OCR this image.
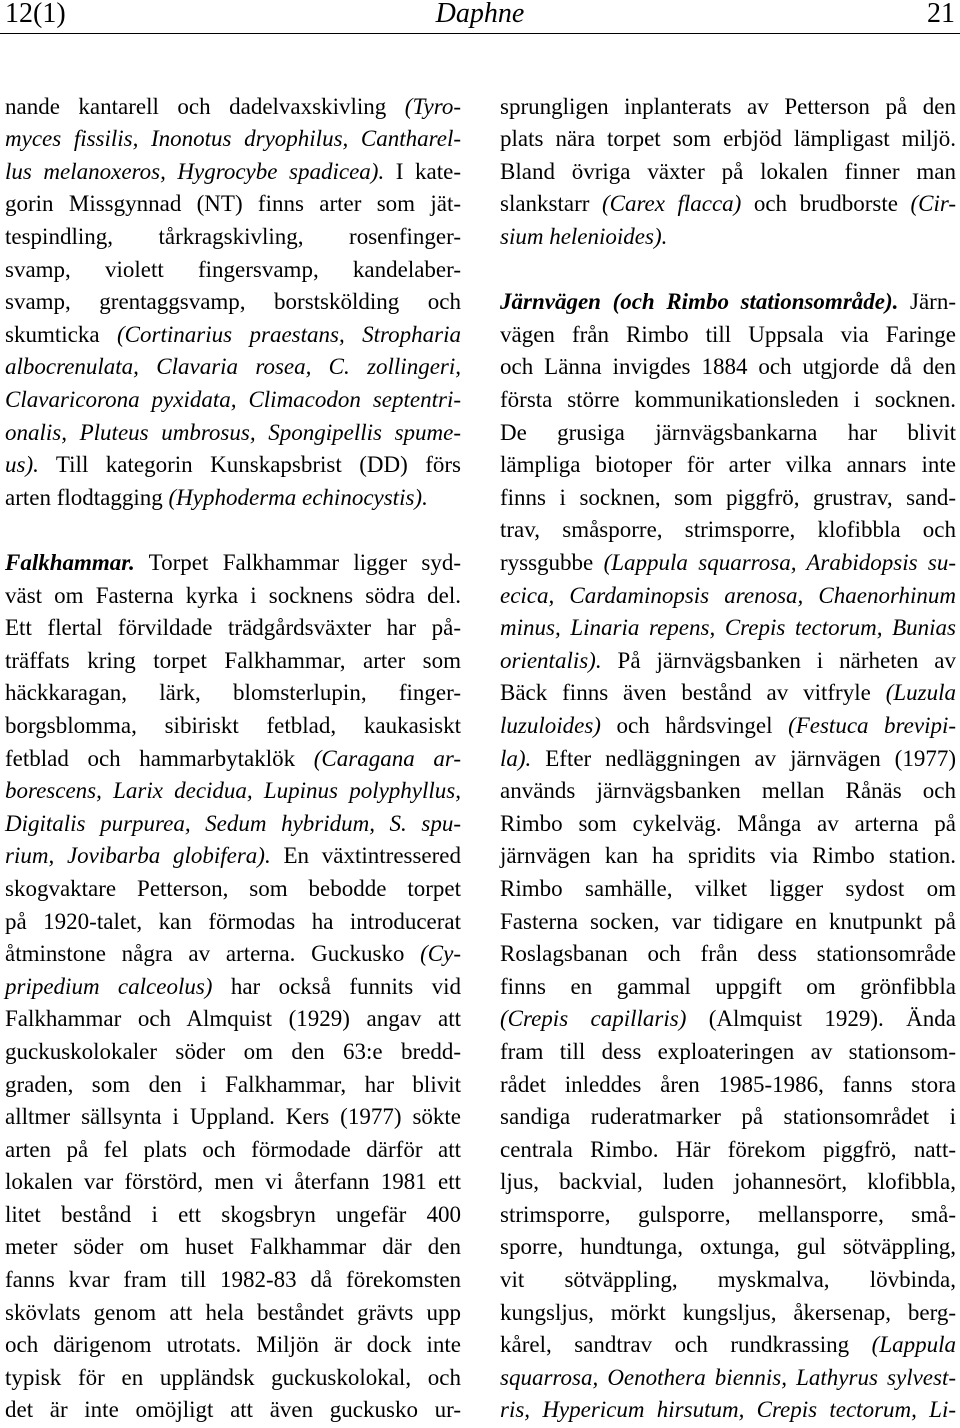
12(1)	Daphne	21
nande kantarell och dadelvaxskivling (Tyro-
myces fissilis, Inonotus dryophilus, Cantharel-
lus melanoxeros, Hygrocybe spadicea). I kate-
gorin Missgynnad (NT) finns arter som jät-
tespindling, tårkragskivling, rosenfinger-
svamp, violett fingersvamp, kandelaber-
svamp, grentaggsvamp, borstskölding och
skumticka (Cortinarius praestans, Stropharia
albocrenulata, Clavaria rosea, C. zollingeri,
Clavaricorona pyxidata, Climacodon septentri-
onalis, Pluteus umbrosus, Spongipellis spume-
us). Till kategorin Kunskapsbrist (DD) förs
arten flodtagging (Hyphoderma echinocystis).
Falkhammar. Torpet Falkhammar ligger syd-
väst om Fasterna kyrka i socknens södra del.
Ett flertal förvildade trädgårdsväxter har på-
träffats kring torpet Falkhammar, arter som
häckkaragan, lärk, blomsterlupin, finger-
borgsblomma, sibiriskt fetblad, kaukasiskt
fetblad och hammarbytaklök (Caragana ar-
borescens, Larix decidua, Lupinus polyphyllus,
Digitalis purpurea, Sedum hybridum, S. spu-
rium, Jovibarba globifera). En växtintressered
skogvaktare Petterson, som bebodde torpet
på 1920-talet, kan förmodas ha introducerat
åtminstone några av arterna. Guckusko (Cy-
pripedium calceolus) har också funnits vid
Falkhammar och Almquist (1929) angav att
guckuskolokaler söder om den 63:e bredd-
graden, som den i Falkhammar, har blivit
alltmer sällsynta i Uppland. Kers (1977) sökte
arten på fel plats och förmodade därför att
lokalen var förstörd, men vi återfann 1981 ett
litet bestånd i ett skogsbryn ungefär 400
meter söder om huset Falkhammar där den
fanns kvar fram till 1982-83 då förekomsten
skövlats genom att hela beståndet grävts upp
och därigenom utrotats. Miljön är dock inte
typisk för en uppländsk guckuskolokal, och
det är inte omöjligt att även guckusko ur-
sprungligen inplanterats av Petterson på den
plats nära torpet som erbjöd lämpligast miljö.
Bland övriga växter på lokalen finner man
slankstarr (Carex flacca) och brudborste (Cir-
sium helenioides).
Järnvägen (och Rimbo stationsområde). Järn-
vägen från Rimbo till Uppsala via Faringe
och Länna invigdes 1884 och utgjorde då den
första större kommunikationsleden i socknen.
De grusiga järnvägsbankarna har blivit
lämpliga biotoper för arter vilka annars inte
finns i socknen, som piggfrö, grustrav, sand-
trav, småsporre, strimsporre, klofibbla och
ryssgubbe (Lappula squarrosa, Arabidopsis su-
ecica, Cardaminopsis arenosa, Chaenorhinum
minus, Linaria repens, Crepis tectorum, Bunias
orientalis). På järnvägsbanken i närheten av
Bäck finns även bestånd av vitfryle (Luzula
luzuloides) och hårdsvingel (Festuca brevipi-
la). Efter nedläggningen av järnvägen (1977)
används järnvägsbanken mellan Rånäs och
Rimbo som cykelväg. Många av arterna på
järnvägen kan ha spridits via Rimbo station.
Rimbo samhälle, vilket ligger sydost om
Fasterna socken, var tidigare en knutpunkt på
Roslagsbanan och från dess stationsområde
finns en gammal uppgift om grönfibbla
(Crepis capillaris) (Almquist 1929). Ända
fram till dess exploateringen av stationsom-
rådet inleddes åren 1985-1986, fanns stora
sandiga ruderatmarker på stationsområdet i
centrala Rimbo. Här förekom piggfrö, natt-
ljus, backvial, luden johannesört, klofibbla,
strimsporre, gulsporre, mellansporre, små-
sporre, hundtunga, oxtunga, gul sötväppling,
vit sötväppling, myskmalva, lövbinda,
kungsljus, mörkt kungsljus, åkersenap, berg-
kårel, sandtrav och rundkrassing (Lappula
squarrosa, Oenothera biennis, Lathyrus sylvest-
ris, Hypericum hirsutum, Crepis tectorum, Li-
